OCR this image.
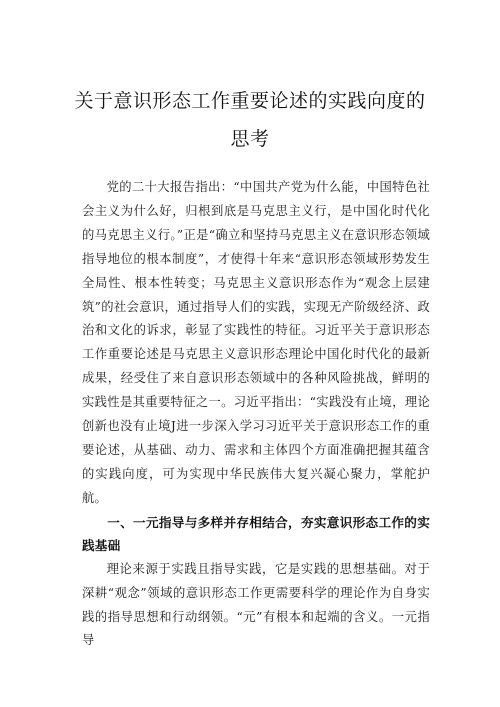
关于意识形态工作重要论述的实践向度的
思考

党的二十大报告指出：“中国共产党为什么能，中国特色社会主义为什么好，归根到底是马克思主义行，是中国化时代化的马克思主义行。”正是“确立和坚持马克思主义在意识形态领域指导地位的根本制度”，才使得十年来“意识形态领域形势发生全局性、根本性转变；马克思主义意识形态作为“观念上层建筑”的社会意识，通过指导人们的实践，实现无产阶级经济、政治和文化的诉求，彰显了实践性的特征。习近平关于意识形态工作重要论述是马克思主义意识形态理论中国化时代化的最新成果，经受住了来自意识形态领域中的各种风险挑战，鲜明的实践性是其重要特征之一。习近平指出：“实践没有止境，理论创新也没有止境J进一步深入学习习近平关于意识形态工作的重要论述，从基础、动力、需求和主体四个方面准确把握其蕴含的实践向度，可为实现中华民族伟大复兴凝心聚力，掌舵护航。

一、一元指导与多样并存相结合，夯实意识形态工作的实践基础

理论来源于实践且指导实践，它是实践的思想基础。对于深耕“观念”领域的意识形态工作更需要科学的理论作为自身实践的指导思想和行动纲领。“元”有根本和起端的含义。一元指导
